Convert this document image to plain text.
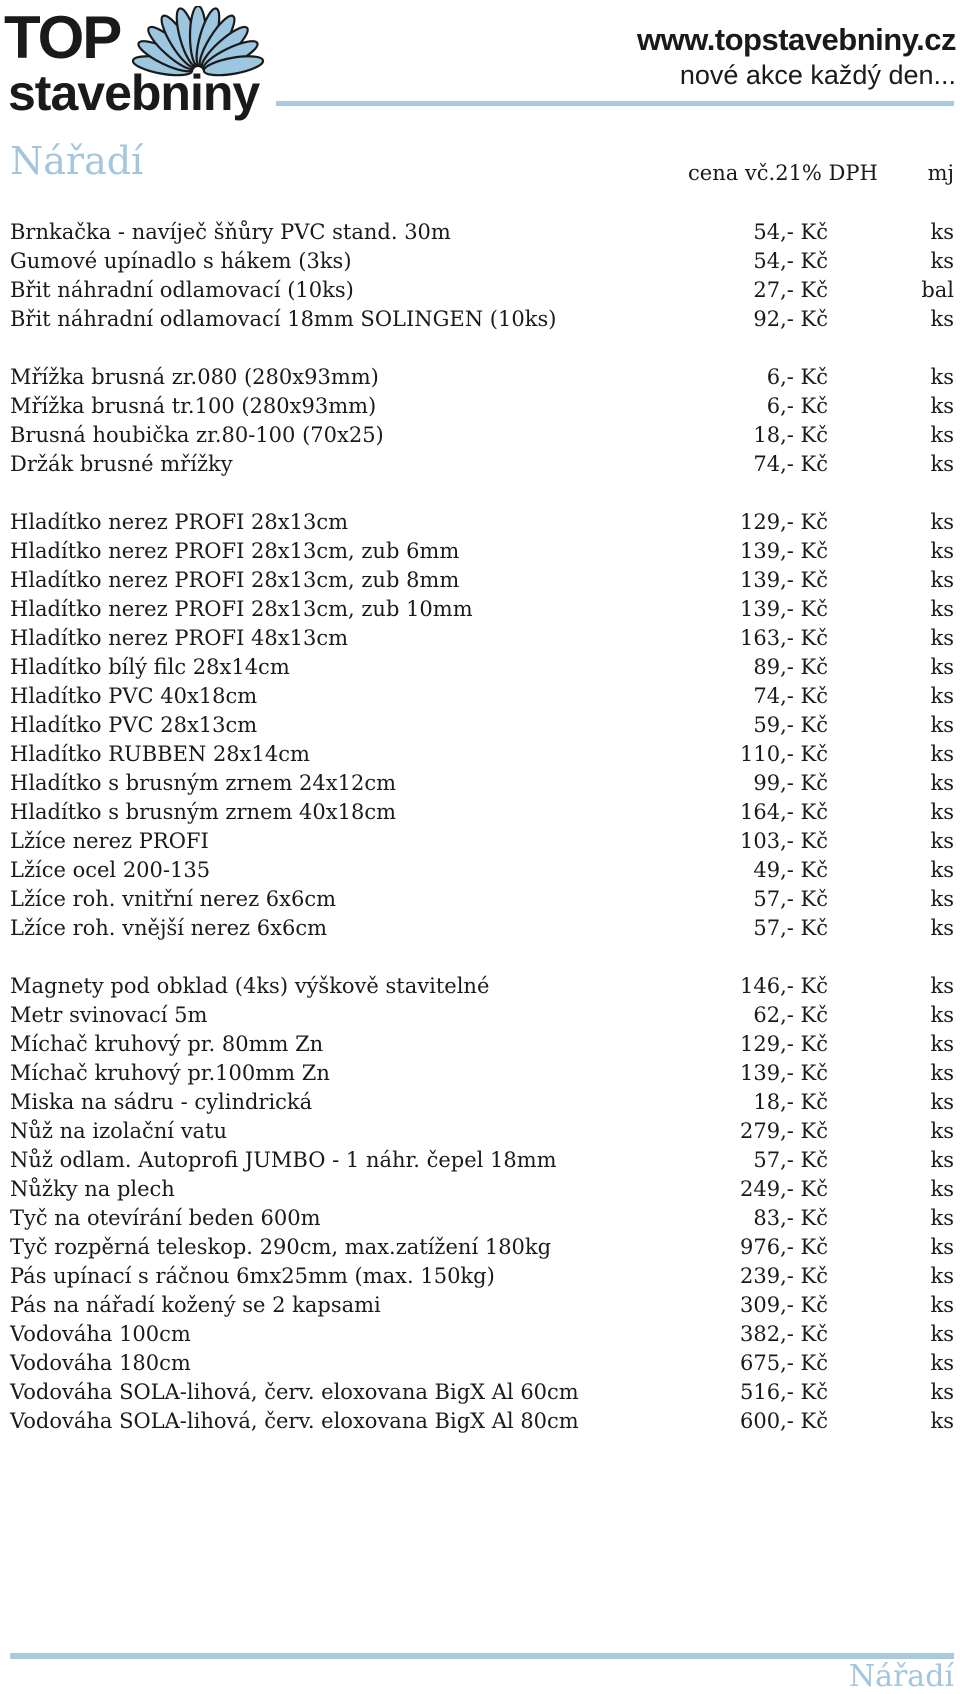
TOP
stavebniny
www.topstavebniny.cz
nové akce každý den...
Nářadí	cena vč.21% DPH mj
Brnkačka - navíječ šňůry PVC stand. 30m	54,- Kč	ks
Gumové upínadlo s hákem (3ks)	54,- Kč	ks
Břit náhradní odlamovací (10ks)	27,- Kč	bal
Břit náhradní odlamovací 18mm SOLINGEN (10ks)	92,- Kč	ks
Mřížka brusná zr.080 (280x93mm)	6,- Kč	ks
Mřížka brusná tr.100 (280x93mm)	6,- Kč	ks
Brusná houbička zr.80-100 (70x25)	18,- Kč	ks
Držák brusné mřížky	74,- Kč	ks
Hladítko nerez PROFI 28x13cm	129,- Kč	ks
Hladítko nerez PROFI 28x13cm, zub 6mm	139,- Kč	ks
Hladítko nerez PROFI 28x13cm, zub 8mm	139,- Kč	ks
Hladítko nerez PROFI 28x13cm, zub 10mm	139,- Kč	ks
Hladítko nerez PROFI 48x13cm	163,- Kč	ks
Hladítko bílý filc 28x14cm	89,- Kč	ks
Hladítko PVC 40x18cm	74,- Kč	ks
Hladítko PVC 28x13cm	59,- Kč	ks
Hladítko RUBBEN 28x14cm	110,- Kč	ks
Hladítko s brusným zrnem 24x12cm	99,- Kč	ks
Hladítko s brusným zrnem 40x18cm	164,- Kč	ks
Lžíce nerez PROFI	103,- Kč	ks
Lžíce ocel 200-135	49,- Kč	ks
Lžíce roh. vnitřní nerez 6x6cm	57,- Kč	ks
Lžíce roh. vnější nerez 6x6cm	57,- Kč	ks
Magnety pod obklad (4ks) výškově stavitelné	146,- Kč	ks
Metr svinovací 5m	62,- Kč	ks
Míchač kruhový pr. 80mm Zn	129,- Kč	ks
Míchač kruhový pr.100mm Zn	139,- Kč	ks
Miska na sádru - cylindrická	18,- Kč	ks
Nůž na izolační vatu	279,- Kč	ks
Nůž odlam. Autoprofi JUMBO - 1 náhr. čepel 18mm	57,- Kč	ks
Nůžky na plech	249,- Kč	ks
Tyč na otevírání beden 600m	83,- Kč	ks
Tyč rozpěrná teleskop. 290cm, max.zatížení 180kg	976,- Kč	ks
Pás upínací s ráčnou 6mx25mm (max. 150kg)	239,- Kč	ks
Pás na nářadí kožený se 2 kapsami	309,- Kč	ks
Vodováha 100cm	382,- Kč	ks
Vodováha 180cm	675,- Kč	ks
Vodováha SOLA-lihová, červ. eloxovana BigX Al 60cm	516,- Kč	ks
Vodováha SOLA-lihová, červ. eloxovana BigX Al 80cm	600,- Kč	ks
Nářadí
